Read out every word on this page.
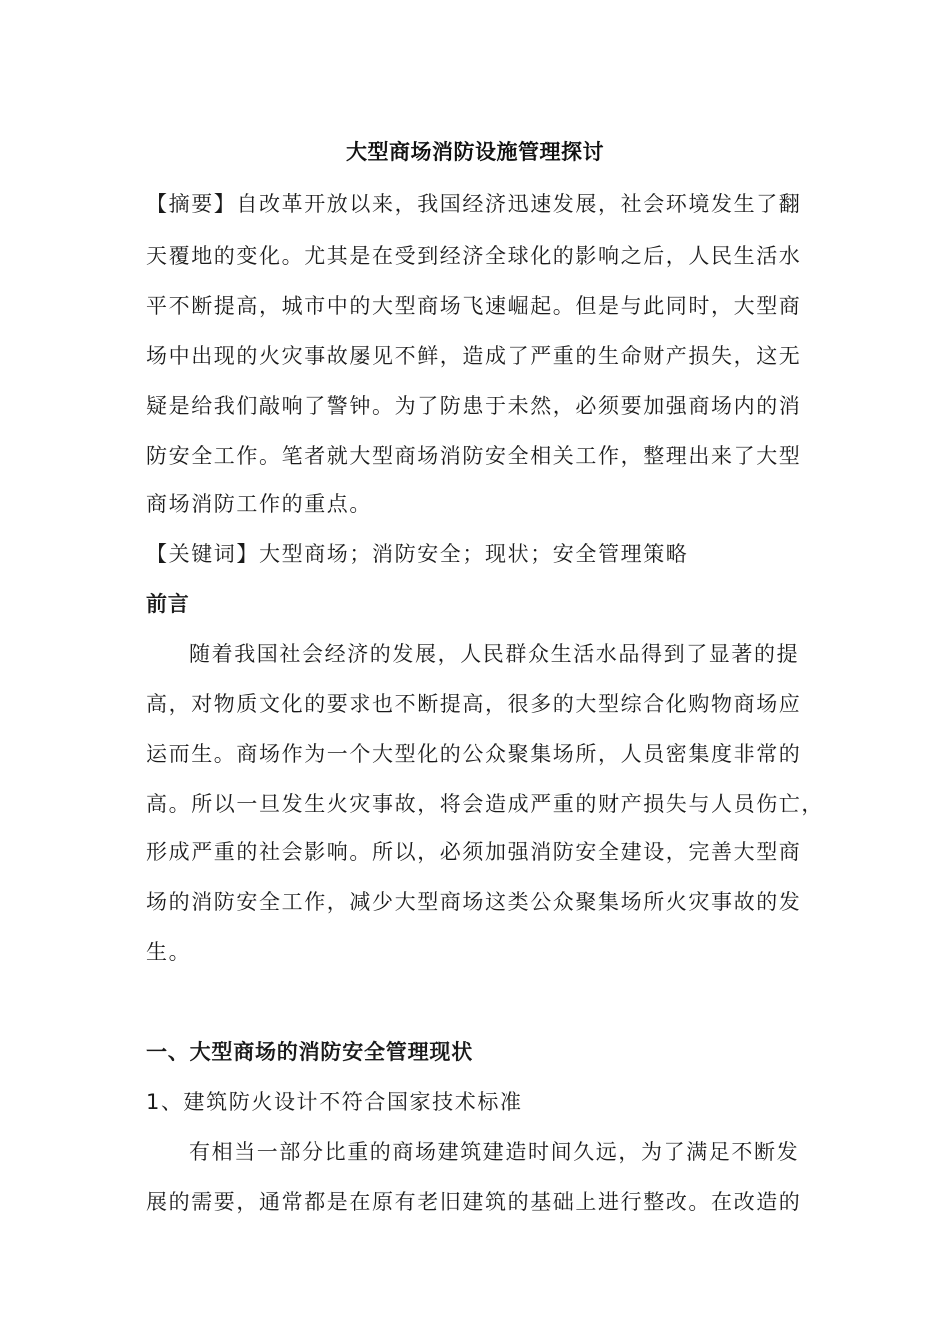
大型商场消防设施管理探讨
【摘要】自改革开放以来，我国经济迅速发展，社会环境发生了翻
天覆地的变化。尤其是在受到经济全球化的影响之后，人民生活水
平不断提高，城市中的大型商场飞速崛起。但是与此同时，大型商
场中出现的火灾事故屡见不鲜，造成了严重的生命财产损失，这无
疑是给我们敲响了警钟。为了防患于未然，必须要加强商场内的消
防安全工作。笔者就大型商场消防安全相关工作，整理出来了大型
商场消防工作的重点。
【关键词】大型商场；消防安全；现状；安全管理策略
前言
随着我国社会经济的发展，人民群众生活水品得到了显著的提
高，对物质文化的要求也不断提高，很多的大型综合化购物商场应
运而生。商场作为一个大型化的公众聚集场所，人员密集度非常的
高。所以一旦发生火灾事故，将会造成严重的财产损失与人员伤亡，
形成严重的社会影响。所以，必须加强消防安全建设，完善大型商
场的消防安全工作，减少大型商场这类公众聚集场所火灾事故的发
生。
一、大型商场的消防安全管理现状
1、建筑防火设计不符合国家技术标准
有相当一部分比重的商场建筑建造时间久远，为了满足不断发
展的需要，通常都是在原有老旧建筑的基础上进行整改。在改造的
